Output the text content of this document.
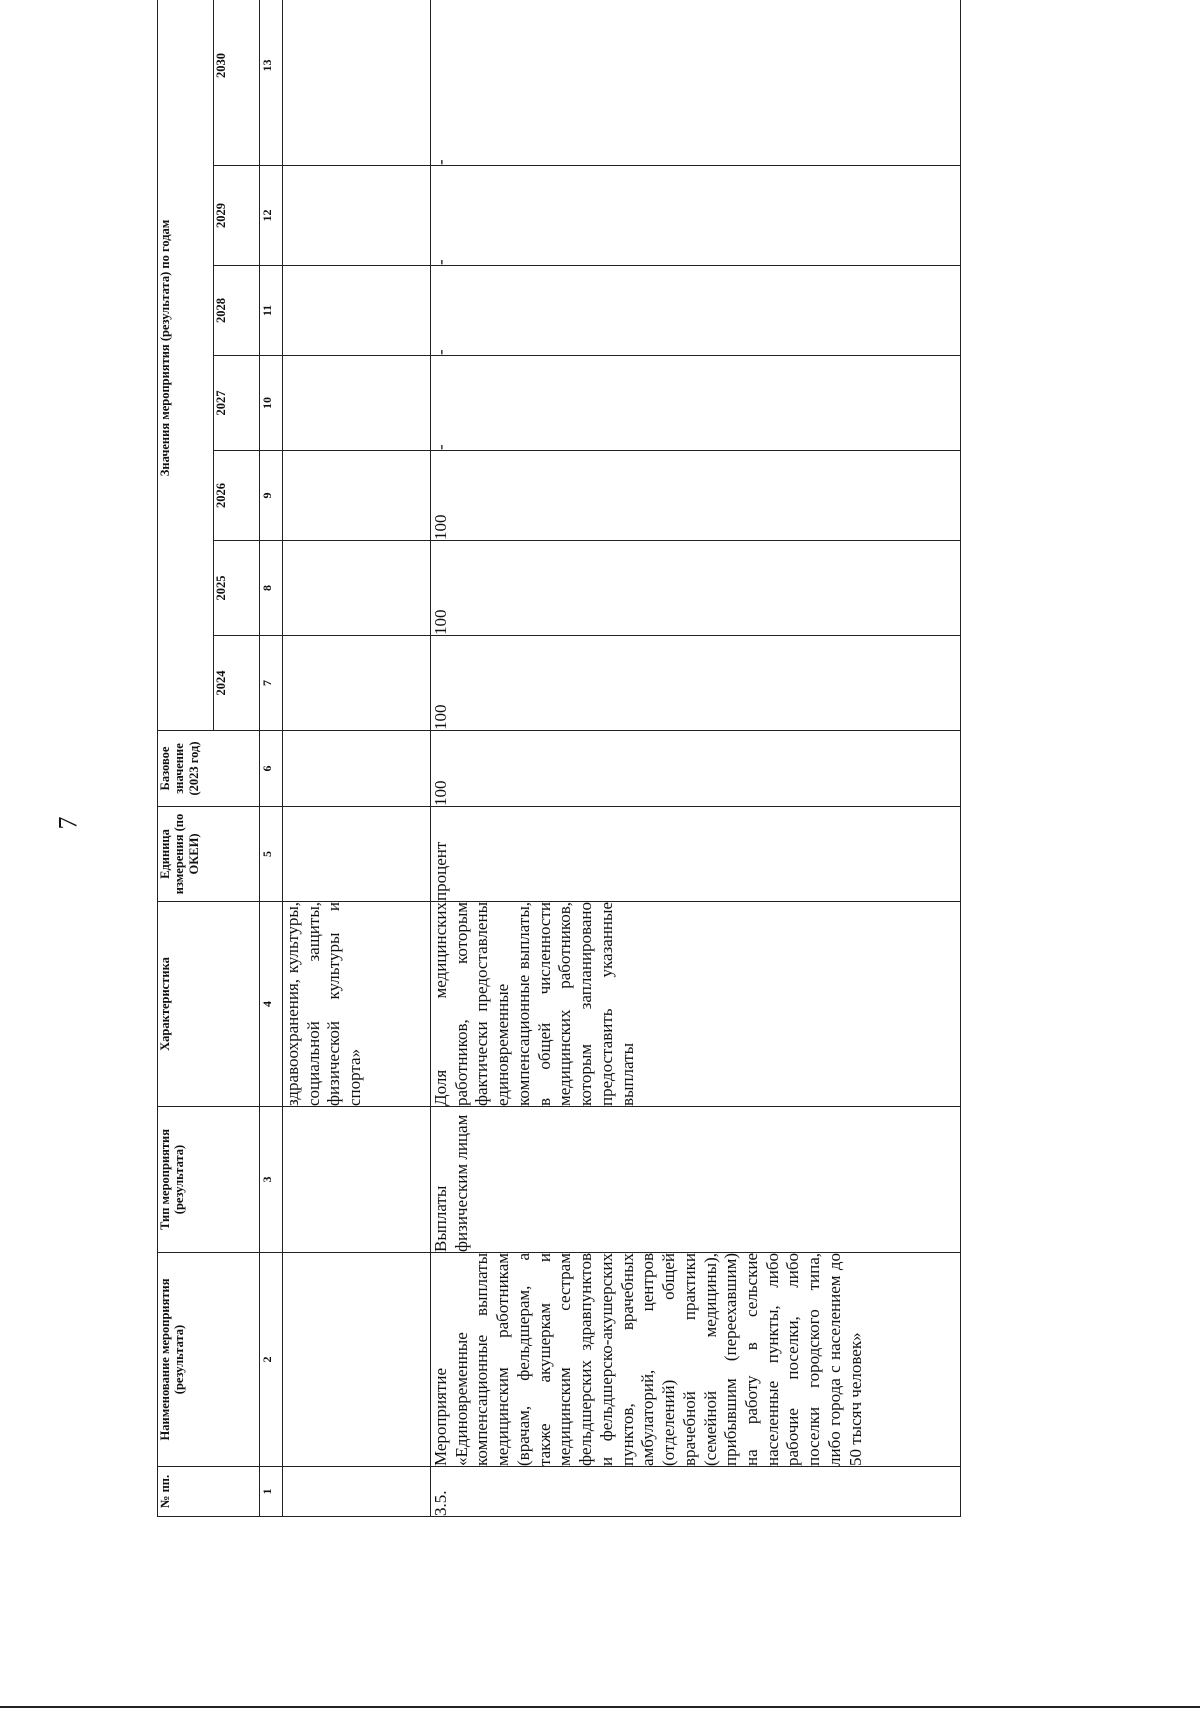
7
№ пп.	Наименование мероприятия (результата)	Тип мероприятия (результата)	Характеристика	Единица измерения (по ОКЕИ)	Базовое значение (2023 год)	Значения мероприятия (результата) по годам						
						2024	2025	2026	2027	2028	2029	2030
1	2	3	4	5	6	7	8	9	10	11	12	13
			здравоохранения, культуры, социальной защиты, физической культуры и спорта»									
3.5.	Мероприятие «Единовременные компенсационные выплаты медицинским работникам (врачам, фельдшерам, а также акушеркам и медицинским сестрам фельдшерских здравпунктов и фельдшерско-акушерских пунктов, врачебных амбулаторий, центров (отделений) общей врачебной практики (семейной медицины), прибывшим (переехавшим) на работу в сельские населенные пункты, либо рабочие поселки, либо поселки городского типа, либо города с населением до 50 тысяч человек»	Выплаты физическим лицам	Доля медицинских работников, которым фактически предоставлены единовременные компенсационные выплаты, в общей численности медицинских работников, которым запланировано предоставить указанные выплаты	процент	100	100	100	100	-	-	-	-
